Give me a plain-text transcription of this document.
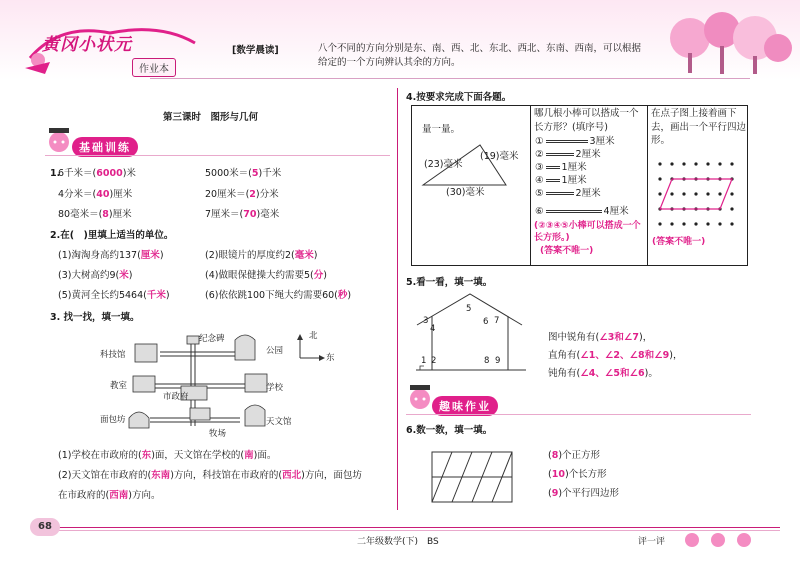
黄冈小状元
作业本
[数学晨读]	八个不同的方向分别是东、南、西、北、东北、西北、东南、西南，可以根据给定的一个方向辨认其余的方向。
第三课时　图形与几何
基础训练
1.
6千米＝(6000)米	5000米＝(5)千米
4分米＝(40)厘米	20厘米＝(2)分米
80毫米＝(8)厘米	7厘米＝(70)毫米
2.在(　)里填上适当的单位。
(1)淘淘身高约137(厘米)	(2)眼镜片的厚度约2(毫米)
(3)大树高约9(米)	(4)做眼保健操大约需要5(分)
(5)黄河全长约5464(千米)	(6)依依跳100下绳大约需要60(秒)
3. 找一找，填一填。
纪念碑
公园
科技馆
教室	学校
市政府
面包坊	天文馆
牧场
北
东
(1)学校在市政府的(东)面，天文馆在学校的(南)面。
(2)天文馆在市政府的(东南)方向，科技馆在市政府的(西北)方向，面包坊
在市政府的(西南)方向。
4.按要求完成下面各题。
量一量。
(23)毫米
(19)毫米
(30)毫米
哪几根小棒可以搭成一个长方形？(填序号)
①	3厘米
②	2厘米
③ 1厘米
④ 1厘米
⑤	2厘米
⑥	4厘米
(②③④⑤小棒可以搭成一个长方形。)
(答案不唯一)
在点子图上接着画下去，画出一个平行四边形。
(答案不唯一)
5.看一看，填一填。
1 2
3
4
5
6 7
8 9
图中锐角有(∠3和∠7)，
直角有(∠1、∠2、∠8和∠9)，
钝角有(∠4、∠5和∠6)。
趣味作业
6.数一数，填一填。
(8)个正方形
(10)个长方形
(9)个平行四边形
68
二年级数学(下)　BS	评一评
